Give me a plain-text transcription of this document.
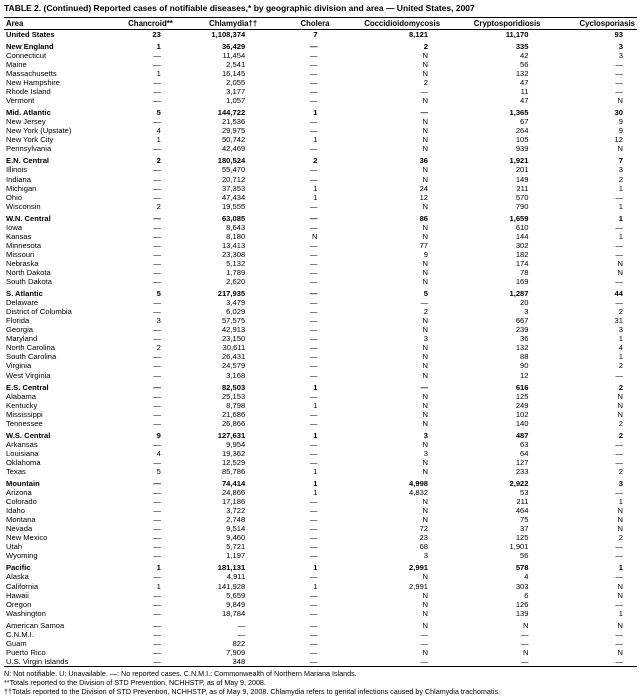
TABLE 2. (Continued) Reported cases of notifiable diseases,* by geographic division and area — United States, 2007
Area	Chancroid**	Chlamydia††	Cholera	Coccidioidomycosis	Cryptosporidiosis	Cyclosporiasis
United States	23	1,108,374	7	8,121	11,170	93

New England	1	36,429	—	2	335	3
Connecticut	—	11,454	—	N	42	3
Maine	—	2,541	—	N	56	—
Massachusetts	1	16,145	—	N	132	—
New Hampshire	—	2,055	—	2	47	—
Rhode Island	—	3,177	—	—	11	—
Vermont	—	1,057	—	N	47	N

Mid. Atlantic	5	144,722	1	—	1,365	30
New Jersey	—	21,536	—	N	67	9
New York (Upstate)	4	29,975	—	N	264	9
New York City	1	50,742	1	N	105	12
Pennsylvania	—	42,469	—	N	939	N

E.N. Central	2	180,524	2	36	1,921	7
Illinois	—	55,470	—	N	201	3
Indiana	—	20,712	—	N	149	2
Michigan	—	37,353	1	24	211	1
Ohio	—	47,434	1	12	570	—
Wisconsin	2	19,555	—	N	790	1

W.N. Central	—	63,085	—	86	1,659	1
Iowa	—	8,643	—	N	610	—
Kansas	—	8,180	N	N	144	1
Minnesota	—	13,413	—	77	302	—
Missouri	—	23,308	—	9	182	—
Nebraska	—	5,132	—	N	174	N
North Dakota	—	1,789	—	N	78	N
South Dakota	—	2,620	—	N	169	—

S. Atlantic	5	217,935	—	5	1,287	44
Delaware	—	3,479	—	—	20	—
District of Columbia	—	6,029	—	2	3	2
Florida	3	57,575	—	N	667	31
Georgia	—	42,913	—	N	239	3
Maryland	—	23,150	—	3	36	1
North Carolina	2	30,611	—	N	132	4
South Carolina	—	26,431	—	N	88	1
Virginia	—	24,579	—	N	90	2
West Virginia	—	3,168	—	N	12	—

E.S. Central	—	82,503	1	—	616	2
Alabama	—	25,153	—	N	125	N
Kentucky	—	8,798	1	N	249	N
Mississippi	—	21,686	—	N	102	N
Tennessee	—	26,866	—	N	140	2

W.S. Central	9	127,631	1	3	487	2
Arkansas	—	9,954	—	N	63	—
Louisiana	4	19,362	—	3	64	—
Oklahoma	—	12,529	—	N	127	—
Texas	5	85,786	1	N	233	2

Mountain	—	74,414	1	4,998	2,922	3
Arizona	—	24,866	1	4,832	53	—
Colorado	—	17,186	—	N	211	1
Idaho	—	3,722	—	N	464	N
Montana	—	2,748	—	N	75	N
Nevada	—	9,514	—	72	37	N
New Mexico	—	9,460	—	23	125	2
Utah	—	5,721	—	68	1,901	—
Wyoming	—	1,197	—	3	56	—

Pacific	1	181,131	1	2,991	578	1
Alaska	—	4,911	—	N	4	—
California	1	141,928	1	2,991	303	N
Hawaii	—	5,659	—	N	6	N
Oregon	—	9,849	—	N	126	—
Washington	—	18,784	—	N	139	1

American Samoa	—	—	—	N	N	N
C.N.M.I.	—	—	—	—	—	—
Guam	—	822	—	—	—	—
Puerto Rico	—	7,909	—	N	N	N
U.S. Virgin Islands	—	348	—	—	—	—
N: Not notifiable. U: Unavailable. —: No reported cases. C.N.M.I.: Commonwealth of Northern Mariana Islands.
**Totals reported to the Division of STD Prevention, NCHHSTP, as of May 9, 2008.
††Totals reported to the Division of STD Prevention, NCHHSTP, as of May 9, 2008. Chlamydia refers to genital infections caused by Chlamydia trachomatis.
